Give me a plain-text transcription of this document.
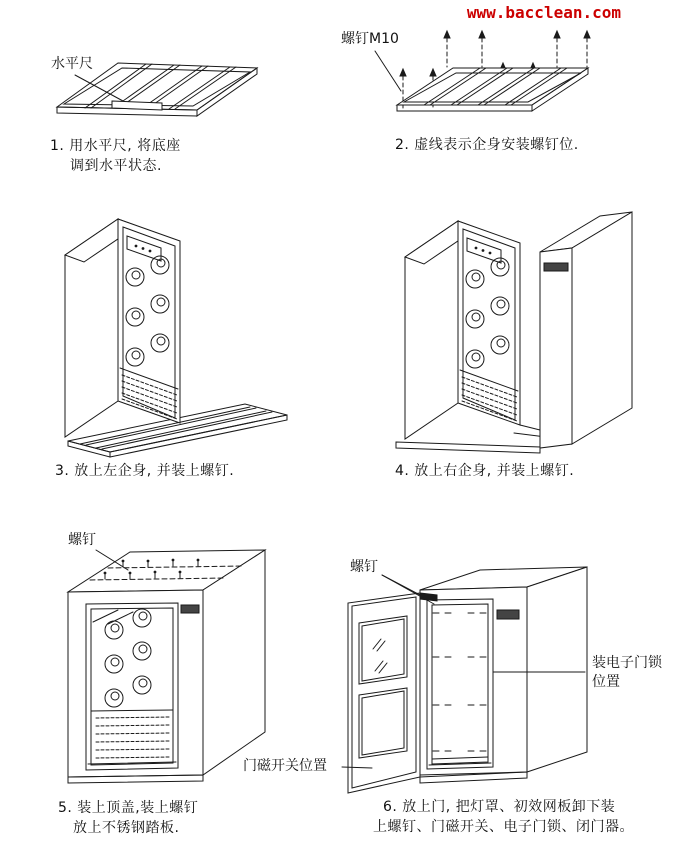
www.bacclean.com
水平尺
1. 用水平尺, 将底座
调到水平状态.
螺钉M10
2. 虚线表示企身安装螺钉位.
3. 放上左企身, 并装上螺钉.	4. 放上右企身, 并装上螺钉.
螺钉
5. 装上顶盖,装上螺钉
放上不锈钢踏板.
螺钉
装电子门锁
位置
门磁开关位置
6. 放上门, 把灯罩、初效网板卸下装
上螺钉、门磁开关、电子门锁、闭门器。
